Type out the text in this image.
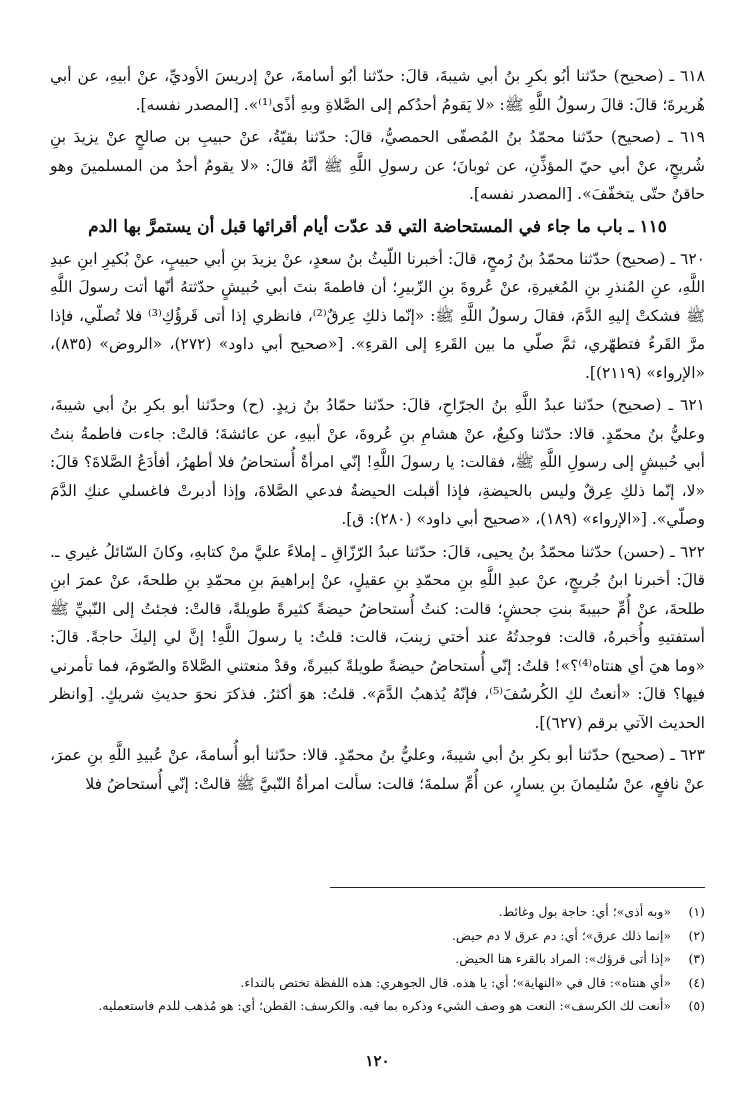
٦١٨ ـ (صحيح) حدّثنا أبُو بكرِ بنُ أبي شيبةَ، قالَ: حدّثنا أبُو أسامةَ، عنْ إدريسَ الأوديِّ، عنْ أبيهِ، عن أبي هُريرةَ؛ قالَ: قالَ رسولُ اللَّهِ ﷺ: «لا يَقومُ أحدُكم إلى الصَّلاةِ وبهِ أذًى⁽¹⁾». [المصدر نفسه].

٦١٩ ـ (صحيح) حدّثنا محمّدُ بنُ المُصفّى الحمصيُّ، قالَ: حدّثنا بقيّةُ، عنْ حبيبِ بن صالحٍ عنْ يزيدَ بنِ شُريحٍ، عنْ أبي حيّ المؤذِّنِ، عن ثوبانَ؛ عن رسولِ اللَّهِ ﷺ أنَّهُ قالَ: «لا يقومُ أحدٌ من المسلمينَ وهو حاقنٌ حتّى يتخفّفَ». [المصدر نفسه].

١١٥ ـ باب ما جاء في المستحاضة التي قد عدّت أيام أقرائها قبل أن يستمرَّ بها الدم

٦٢٠ ـ (صحيح) حدّثنا محمّدُ بنُ رُمحٍ، قالَ: أخبرنا اللّيثُ بنُ سعدٍ، عنْ يزيدَ بنِ أبي حبيبٍ، عنْ بُكيرِ ابنِ عبدِ اللَّهِ، عنِ المُنذرِ بنِ المُغيرةِ، عنْ عُروةَ بنِ الزّبيرِ؛ أن فاطمةَ بنتَ أبي حُبيشٍ حدّثتهُ أنّها أتت رسولَ اللَّهِ ﷺ فشكتْ إليهِ الدَّمَ، فقالَ رسولُ اللَّهِ ﷺ: «إنّما ذلكِ عِرقٌ⁽²⁾، فانظري إذا أتى قَرؤُكِ⁽³⁾ فلا تُصلّي، فإذا مرَّ القَرءُ فتطهّري، ثمَّ صلّي ما بين القَرءِ إلى القرءِ». [«صحيح أبي داود» (٢٧٢)، «الروض» (٨٣٥)، «الإرواء» (٢١١٩)].

٦٢١ ـ (صحيح) حدّثنا عبدُ اللَّهِ بنُ الجرّاحِ، قالَ: حدّثنا حمّادُ بنُ زيدٍ. (ح) وحدّثنا أبو بكرِ بنُ أبي شيبةَ، وعليُّ بنُ محمّدٍ. قالا: حدّثنا وكيعٌ، عنْ هشامِ بنِ عُروةَ، عنْ أبيهِ، عن عائشةَ؛ قالتْ: جاءت فاطمةُ بنتُ أبي حُبيشٍ إلى رسولِ اللَّهِ ﷺ، فقالت: يا رسولَ اللَّهِ! إنّي امرأةٌ أُستحاضُ فلا أطهرُ، أفأدَعُ الصَّلاةَ؟ قالَ: «لا، إنّما ذلكِ عِرقٌ وليس بالحيضةِ، فإذا أقبلت الحيضةُ فدعي الصَّلاةَ، وإذا أدبرتْ فاغسلي عنكِ الدَّمَ وصلّي». [«الإرواء» (١٨٩)، «صحيح أبي داود» (٢٨٠): ق].

٦٢٢ ـ (حسن) حدّثنا محمّدُ بنُ يحيى، قالَ: حدّثنا عبدُ الرّزّاقِ ـ إملاءً عليَّ منْ كتابهِ، وكانَ السّائلُ غيري ـ. قالَ: أخبرنا ابنُ جُريجٍ، عنْ عبدِ اللَّهِ بنِ محمّدِ بنِ عقيلٍ، عنْ إبراهيمَ بنِ محمّدِ بنِ طلحةَ، عنْ عمرَ ابنِ طلحةَ، عنْ أُمِّ حبيبةَ بنتِ جحشٍ؛ قالت: كنتُ أُستحاضُ حيضةً كثيرةً طويلةً، قالتْ: فجئتُ إلى النّبيِّ ﷺ أستفتيهِ وأُخبرهُ، قالت: فوجدتُهُ عند أختي زينبَ، قالت: قلتُ: يا رسولَ اللَّهِ! إنَّ لي إليكَ حاجةً. قالَ: «وما هيَ أي هنتاه⁽⁴⁾؟»! قلتُ: إنّي أُستحاضُ حيضةً طويلةً كبيرةً، وقدْ منعتني الصَّلاةَ والصّومَ، فما تأمرني فيها؟ قالَ: «أنعتُ لكِ الكُرسُفَ⁽⁵⁾، فإنّهُ يُذهبُ الدَّمَ». قلتُ: هوَ أكثرُ. فذكرَ نحوَ حديثِ شريكٍ. [وانظر الحديث الآتي برقم (٦٢٧)].

٦٢٣ ـ (صحيح) حدّثنا أبو بكرِ بنُ أبي شيبةَ، وعليُّ بنُ محمّدٍ. قالا: حدّثنا أبو أُسامةَ، عنْ عُبيدِ اللَّهِ بنِ عمرَ، عنْ نافعٍ، عنْ سُليمانَ بنِ يسارٍ، عن أُمِّ سلمةَ؛ قالت: سألت امرأةُ النّبيَّ ﷺ قالتْ: إنّي أُستحاضُ فلا

(١)«وبه أذى»؛ أي: حاجة بول وغائط.

(٢)«إنما ذلك عرق»؛ أي: دم عرق لا دم حيض.

(٣)«إذا أتى قرؤك»: المراد بالقرء هنا الحيض.

(٤)«أي هنتاه»: قال في «النهاية»؛ أي: يا هذه. قال الجوهري: هذه اللفظة تختص بالنداء.

(٥)«أنعت لك الكرسف»: النعت هو وصف الشيء وذكره بما فيه. والكرسف: القطن؛ أي: هو مُذهب للدم فاستعمليه.

١٢٠
